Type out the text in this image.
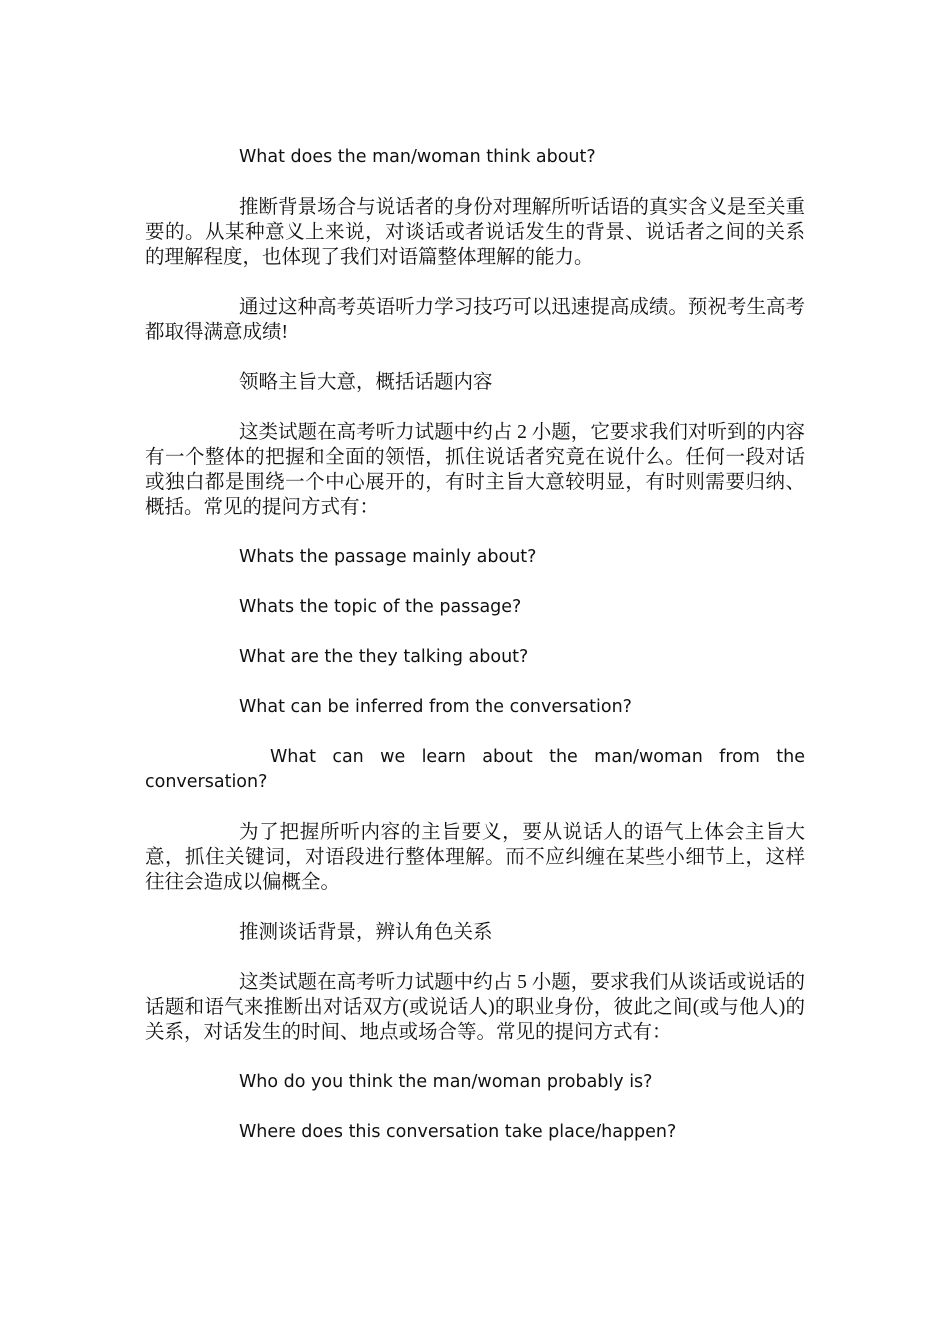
What does the man/woman think about?

推断背景场合与说话者的身份对理解所听话语的真实含义是至关重要的。从某种意义上来说，对谈话或者说话发生的背景、说话者之间的关系的理解程度，也体现了我们对语篇整体理解的能力。

通过这种高考英语听力学习技巧可以迅速提高成绩。预祝考生高考都取得满意成绩!

领略主旨大意，概括话题内容

这类试题在高考听力试题中约占 2 小题，它要求我们对听到的内容有一个整体的把握和全面的领悟，抓住说话者究竟在说什么。任何一段对话或独白都是围绕一个中心展开的，有时主旨大意较明显，有时则需要归纳、概括。常见的提问方式有：

Whats the passage mainly about?

Whats the topic of the passage?

What are the they talking about?

What can be inferred from the conversation?

What can we learn about the man/woman from the conversation?

为了把握所听内容的主旨要义，要从说话人的语气上体会主旨大意，抓住关键词，对语段进行整体理解。而不应纠缠在某些小细节上，这样往往会造成以偏概全。

推测谈话背景，辨认角色关系

这类试题在高考听力试题中约占 5 小题，要求我们从谈话或说话的话题和语气来推断出对话双方(或说话人)的职业身份，彼此之间(或与他人)的关系，对话发生的时间、地点或场合等。常见的提问方式有：

Who do you think the man/woman probably is?

Where does this conversation take place/happen?
